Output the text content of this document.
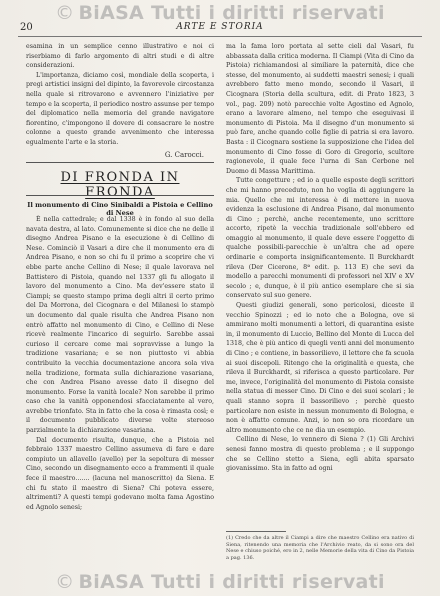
© BiASA Tutti i diritti riservati
20	ARTE E STORIA

esamina in un semplice cenno illustrativo e noi ci riserbiamo di farlo argomento di altri studi e di altre considerazioni.

L'importanza, diciamo così, mondiale della scoperta, i pregi artistici insigni del dipinto, la favorevole circostanza nella quale si ritrovarono e avvennero l'iniziative per tempo e la scoperta, il periodico nostro assunse per tempo del diplomatico nella memoria del grande navigatore fiorentino, c'impongono il dovere di consacrare le nostre colonne a questo grande avvenimento che interessa egualmente l'arte e la storia.

G. Carocci.
DI FRONDA IN FRONDA
Il monumento di Cino Sinibaldi a Pistoia e Cellino di Nese

È nella cattedrale; e dal 1338 è in fondo al suo della navata destra, al lato. Comunemente si dice che ne delle il disegno Andrea Pisano e la esecuzione è di Cellino di Nese. Cominciò il Vasari a dire che il monumento era di Andrea Pisano, e non so chi fu il primo a scoprire che vi ebbe parte anche Cellino di Nese; il quale lavorava nel Battistero di Pistoia, quando nel 1337 gli fu allogato il lavoro del monumento a Cino. Ma dev'essere stato il Ciampi; se questo stampo prima degli altri il certo primo del Da Morrona, del Cicognara e del Milanesi lo stampò un documento dal quale risulta che Andrea Pisano non entrò affatto nel monumento di Cino, e Cellino di Nese ricevè realmente l'incarico di seguirlo. Sarebbe assai curioso il cercare come mai sopravvisse a lungo la tradizione vasariana; e se non piuttosto vi abbia contribuito la vecchia documentazione ancora sola viva nella tradizione, formata sulla dichiarazione vasariana, che con Andrea Pisano avesse dato il disegno del monumento. Forse la vanità locale? Non sarebbe il primo caso che la vanità opponendosi sfacciatamente al vero, avrebbe trionfato. Sta in fatto che la cosa è rimasta così; e il documento pubblicato diverse volte stereoso parzialmente la dichiarazione vasariana.

Dal documento risulta, dunque, che a Pistoia nel febbraio 1337 maestro Cellino assumeva di fare e dare compiuto un allavello (avello) per la sepoltura di messer Cino, secondo un disegnamento ecco a frammenti il quale fece il maestro....... (lacuna nel manoscritto) da Siena. E chi fu stato il maestro di Siena? Chi poteva essere, altrimenti? A questi tempi godevano molta fama Agostino ed Agnolo senesi;

ma la fama loro portata al sette cieli dal Vasari, fu abbassata dalla critica moderna. Il Ciampi (Vita di Cino da Pistoia) richiamandosi al similiare la paternità, dice che stesse, del monumento, ai suddetti maestri senesi; i quali avrebbero fatto meno mondo, secondo il Vasari, il Cicognara (Storia della scultura, edit. di Prato 1823, 3 vol., pag. 209) notò parecchie volte Agostino ed Agnolo, erano a lavorare almeno, nel tempo che eseguivasi il monumento di Pistoia. Ma il disegno d'un monumento si può fare, anche quando colle figlie di patria si era lavoro. Basta : il Cicognara sostiene la supposizione che l'idea del monumento di Cino fosse di Goro di Gregorio, scultore ragionevole, il quale fece l'urna di San Cerbone nel Duomo di Massa Marittima.

Tutte congetture ; ed io a quelle esposte degli scrittori che mi hanno preceduto, non ho voglia di aggiungere la mia. Quello che mi interessa è di mettere in nuova evidenza la esclusione di Andrea Pisano, dal monumento di Cino ; perchè, anche recentemente, uno scrittore accorto, ripetè la vecchia tradizionale soll'ebbero ed omaggio al monumento, il quale deve essere l'oggetto di qualche possibili-parecchie è un'altra che ad opere ordinarie e comporta insignificantemente. Il Burckhardt rileva (Der Cicerone, 8ª edit. p. 113 E) che sevi da modello a parecchi monumenti di professori nel XIV e XV secolo ; e, dunque, è il più antico esemplare che si sia conservato sul suo genere.

Questi giudizi generali, sono pericolosi, diceste il vecchio Spinozzi ; ed io noto che a Bologna, ove si ammirano molti monumenti a lettori, di quarantina esiste in, il monumento di Luccio, Bellino del Monte di Lucca del 1318, che è più antico di quegli venti anni del monumento di Cino ; e contiene, in bassorilievo, il lettore che fa scuola ai suoi discepoli. Ritengo che la originalità e questa, che rileva il Burckhardt, si riferisca a questo particolare. Per me, invece, l'originalità del monumento di Pistoia consiste nella statua di messer Cino. Di Cino e dei suoi scolari ; le quali stanno sopra il bassorilievo ; perchè questo particolare non esiste in nessun monumento di Bologna, e non è affatto comune. Anzi, io non so ora ricordare un altro monumento che ce ne dia un esempio.

Cellino di Nese, lo vennero di Siena ? (1) Gli Archivi senesi fanno mostra di questo problema ; e il suppongo che se Cellino stetto a Siena, egli abita sparsato giovanissimo. Sta in fatto ad ogni

(1) Credo che da altre il Ciampi a dire che maestro Cellino era nativo di Siena, ritenendo una memoria che l'Archivio reato, da si sono ora del Nese e chiuso poiché, ero in 2, nelle Memorie della vita di Cino da Pistoia a pag. 136.
© BiASA Tutti i diritti riservati
